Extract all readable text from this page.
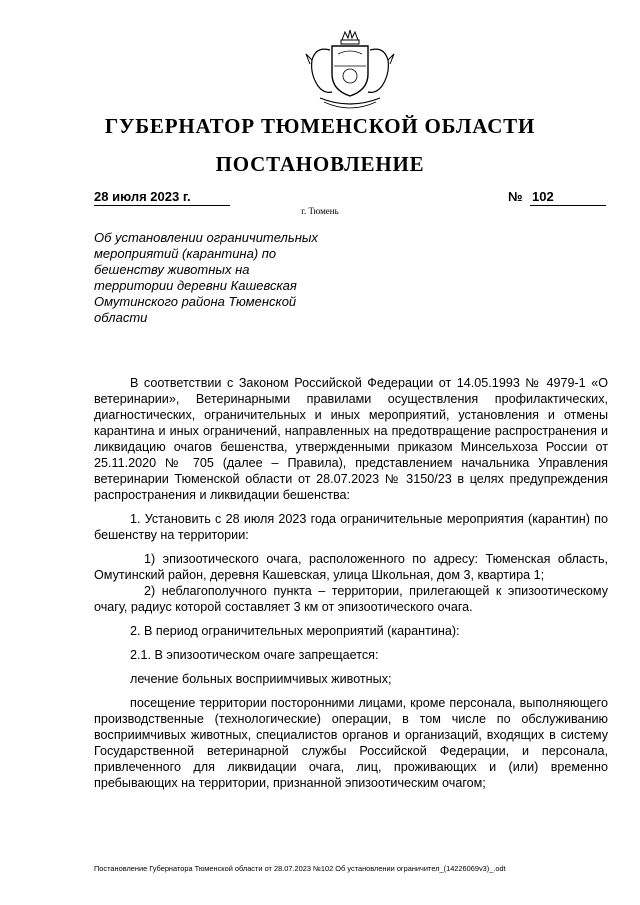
ГУБЕРНАТОР ТЮМЕНСКОЙ ОБЛАСТИ
ПОСТАНОВЛЕНИЕ
28 июля 2023 г.	№ 102
г. Тюмень
Об установлении ограничительных
мероприятий (карантина) по
бешенству животных на
территории деревни Кашевская
Омутинского района Тюменской
области

В соответствии с Законом Российской Федерации от 14.05.1993 № 4979-1 «О ветеринарии», Ветеринарными правилами осуществления профилактических, диагностических, ограничительных и иных мероприятий, установления и отмены карантина и иных ограничений, направленных на предотвращение распространения и ликвидацию очагов бешенства, утвержденными приказом Минсельхоза России от 25.11.2020 № 705 (далее – Правила), представлением начальника Управления ветеринарии Тюменской области от 28.07.2023 № 3150/23 в целях предупреждения распространения и ликвидации бешенства:

1. Установить с 28 июля 2023 года ограничительные мероприятия (карантин) по бешенству на территории:

1) эпизоотического очага, расположенного по адресу: Тюменская область, Омутинский район, деревня Кашевская, улица Школьная, дом 3, квартира 1;

2) неблагополучного пункта – территории, прилегающей к эпизоотическому очагу, радиус которой составляет 3 км от эпизоотического очага.

2. В период ограничительных мероприятий (карантина):

2.1. В эпизоотическом очаге запрещается:

лечение больных восприимчивых животных;

посещение территории посторонними лицами, кроме персонала, выполняющего производственные (технологические) операции, в том числе по обслуживанию восприимчивых животных, специалистов органов и организаций, входящих в систему Государственной ветеринарной службы Российской Федерации, и персонала, привлеченного для ликвидации очага, лиц, проживающих и (или) временно пребывающих на территории, признанной эпизоотическим очагом;

Постановление Губернатора Тюменской области от 28.07.2023 №102 Об установлении ограничител_(14226069v3)_.odt
